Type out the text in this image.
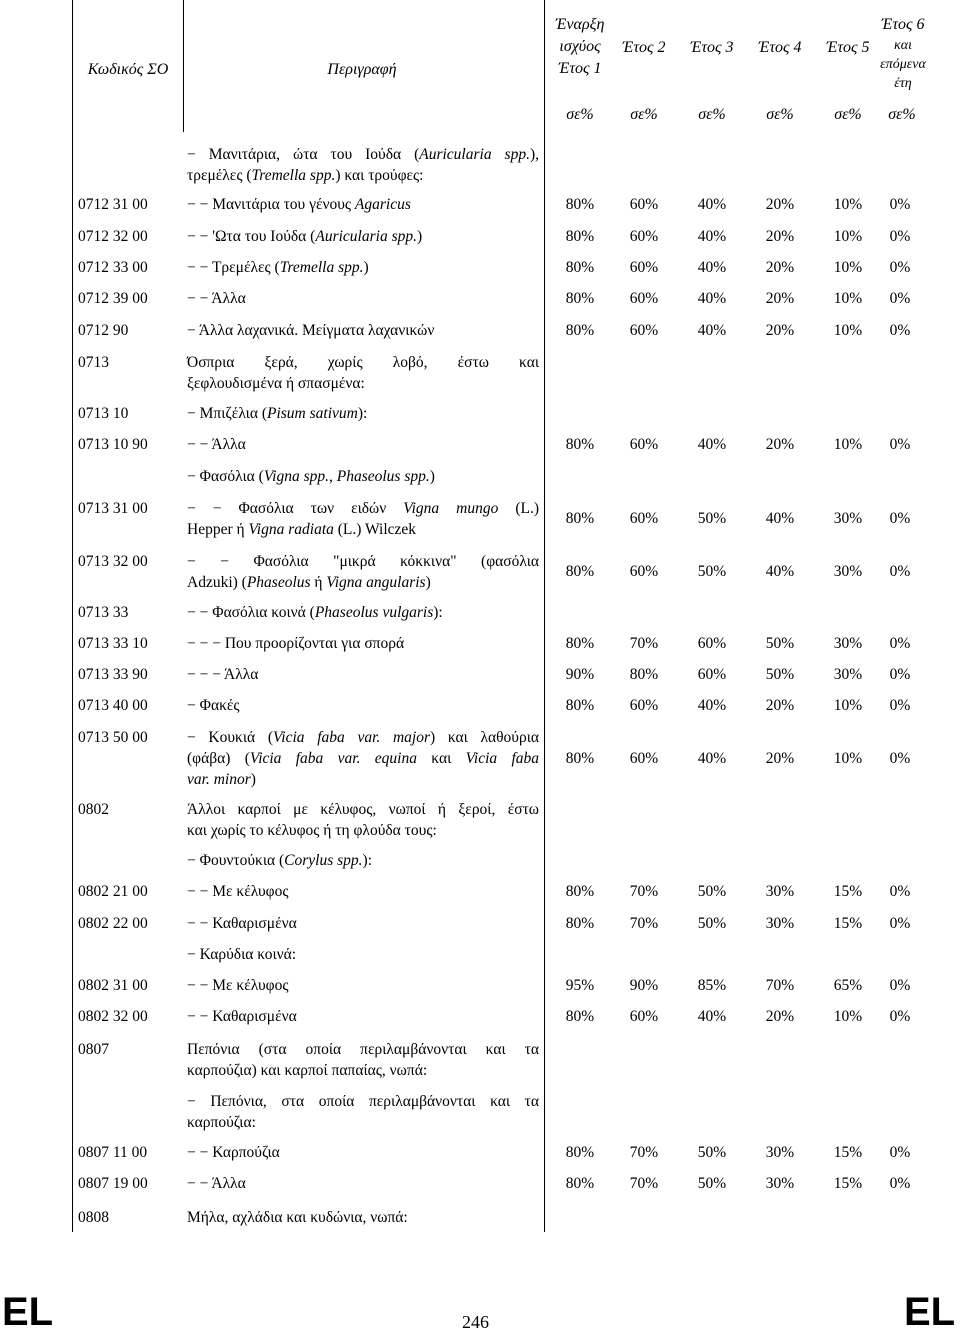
Κωδικός ΣΟ	Περιγραφή
Έναρξη
ισχύος
Έτος 1
Έτος 2	Έτος 3	Έτος 4	Έτος 5
Έτος 6
και
επόμενα
έτη
σε%	σε%	σε%	σε%	σε%	σε%
− Μανιτάρια, ώτα του Ιούδα (Auricularia spp.),
τρεμέλες (Tremella spp.) και τρούφες:
0712 31 00	− − Μανιτάρια του γένους Agaricus	80%	60%	40%	20%	10%	0%
0712 32 00	− − 'Ωτα του Ιούδα (Auricularia spp.)	80%	60%	40%	20%	10%	0%
0712 33 00	− − Τρεμέλες (Tremella spp.)	80%	60%	40%	20%	10%	0%
0712 39 00	− − Άλλα	80%	60%	40%	20%	10%	0%
0712 90	− Άλλα λαχανικά. Μείγματα λαχανικών	80%	60%	40%	20%	10%	0%
0713	Όσπρια ξερά, χωρίς λοβό, έστω και
ξεφλουδισμένα ή σπασμένα:
0713 10	− Μπιζέλια (Pisum sativum):
0713 10 90	− − Άλλα	80%	60%	40%	20%	10%	0%
− Φασόλια (Vigna spp., Phaseolus spp.)
0713 31 00	− − Φασόλια των ειδών Vigna mungo (L.)
Hepper ή Vigna radiata (L.) Wilczek
80%	60%	50%	40%	30%	0%
0713 32 00	− − Φασόλια "μικρά κόκκινα" (φασόλια
Adzuki) (Phaseolus ή Vigna angularis)
80%	60%	50%	40%	30%	0%
0713 33	− − Φασόλια κοινά (Phaseolus vulgaris):
0713 33 10	− − − Που προορίζονται για σπορά	80%	70%	60%	50%	30%	0%
0713 33 90	− − − Άλλα	90%	80%	60%	50%	30%	0%
0713 40 00	− Φακές	80%	60%	40%	20%	10%	0%
0713 50 00	− Κουκιά (Vicia faba var. major) και λαθούρια
(φάβα) (Vicia faba var. equina και Vicia faba
var. minor)
80%	60%	40%	20%	10%	0%
0802	Άλλοι καρποί με κέλυφος, νωποί ή ξεροί, έστω
και χωρίς το κέλυφος ή τη φλούδα τους:
− Φουντούκια (Corylus spp.):
0802 21 00	− − Με κέλυφος	80%	70%	50%	30%	15%	0%
0802 22 00	− − Καθαρισμένα	80%	70%	50%	30%	15%	0%
− Καρύδια κοινά:
0802 31 00	− − Με κέλυφος	95%	90%	85%	70%	65%	0%
0802 32 00	− − Καθαρισμένα	80%	60%	40%	20%	10%	0%
0807	Πεπόνια (στα οποία περιλαμβάνονται και τα
καρπούζια) και καρποί παπαίας, νωπά:
− Πεπόνια, στα οποία περιλαμβάνονται και τα
καρπούζια:
0807 11 00	− − Καρπούζια	80%	70%	50%	30%	15%	0%
0807 19 00	− − Άλλα	80%	70%	50%	30%	15%	0%
0808	Μήλα, αχλάδια και κυδώνια, νωπά:
EL	246	EL
